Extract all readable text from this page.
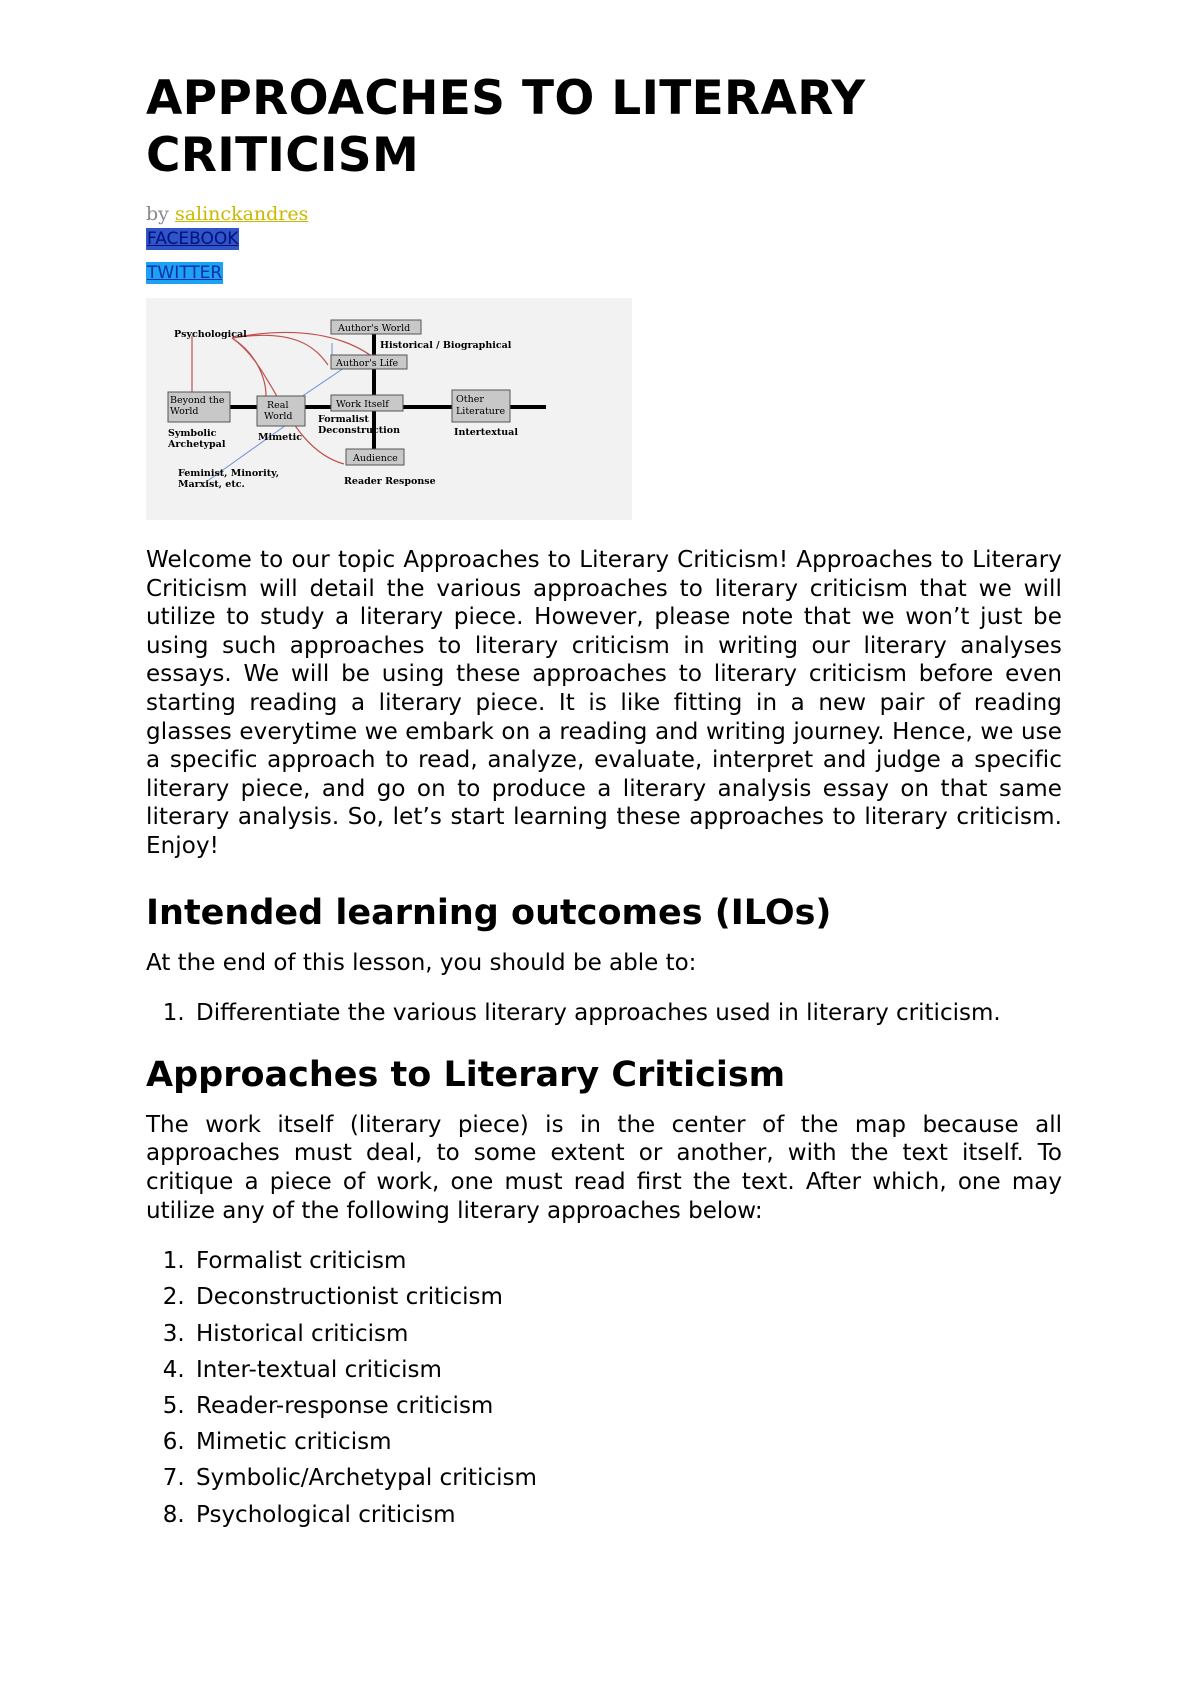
APPROACHES TO LITERARY CRITICISM
by salinckandres
FACEBOOK
TWITTER
Psychological
Author's World
Historical / Biographical
Author's Life
Beyond the
World
Real
World
Work Itself	Other
Literature
Formalist
Deconstruction
Symbolic
Archetypal
Mimetic	Intertextual
Audience
Feminist, Minority,
Marxist, etc.	Reader Response

Welcome to our topic Approaches to Literary Criticism! Approaches to Literary Criticism will detail the various approaches to literary criticism that we will utilize to study a literary piece. However, please note that we won’t just be using such approaches to literary criticism in writing our literary analyses essays. We will be using these approaches to literary criticism before even starting reading a literary piece. It is like fitting in a new pair of reading glasses everytime we embark on a reading and writing journey. Hence, we use a specific approach to read, analyze, evaluate, interpret and judge a specific literary piece, and go on to produce a literary analysis essay on that same literary analysis. So, let’s start learning these approaches to literary criticism. Enjoy!

Intended learning outcomes (ILOs)

At the end of this lesson, you should be able to:

1. Differentiate the various literary approaches used in literary criticism.
Approaches to Literary Criticism

The work itself (literary piece) is in the center of the map because all approaches must deal, to some extent or another, with the text itself. To critique a piece of work, one must read first the text. After which, one may utilize any of the following literary approaches below:

1. Formalist criticism
2. Deconstructionist criticism
3. Historical criticism
4. Inter-textual criticism
5. Reader-response criticism
6. Mimetic criticism
7. Symbolic/Archetypal criticism
8. Psychological criticism
